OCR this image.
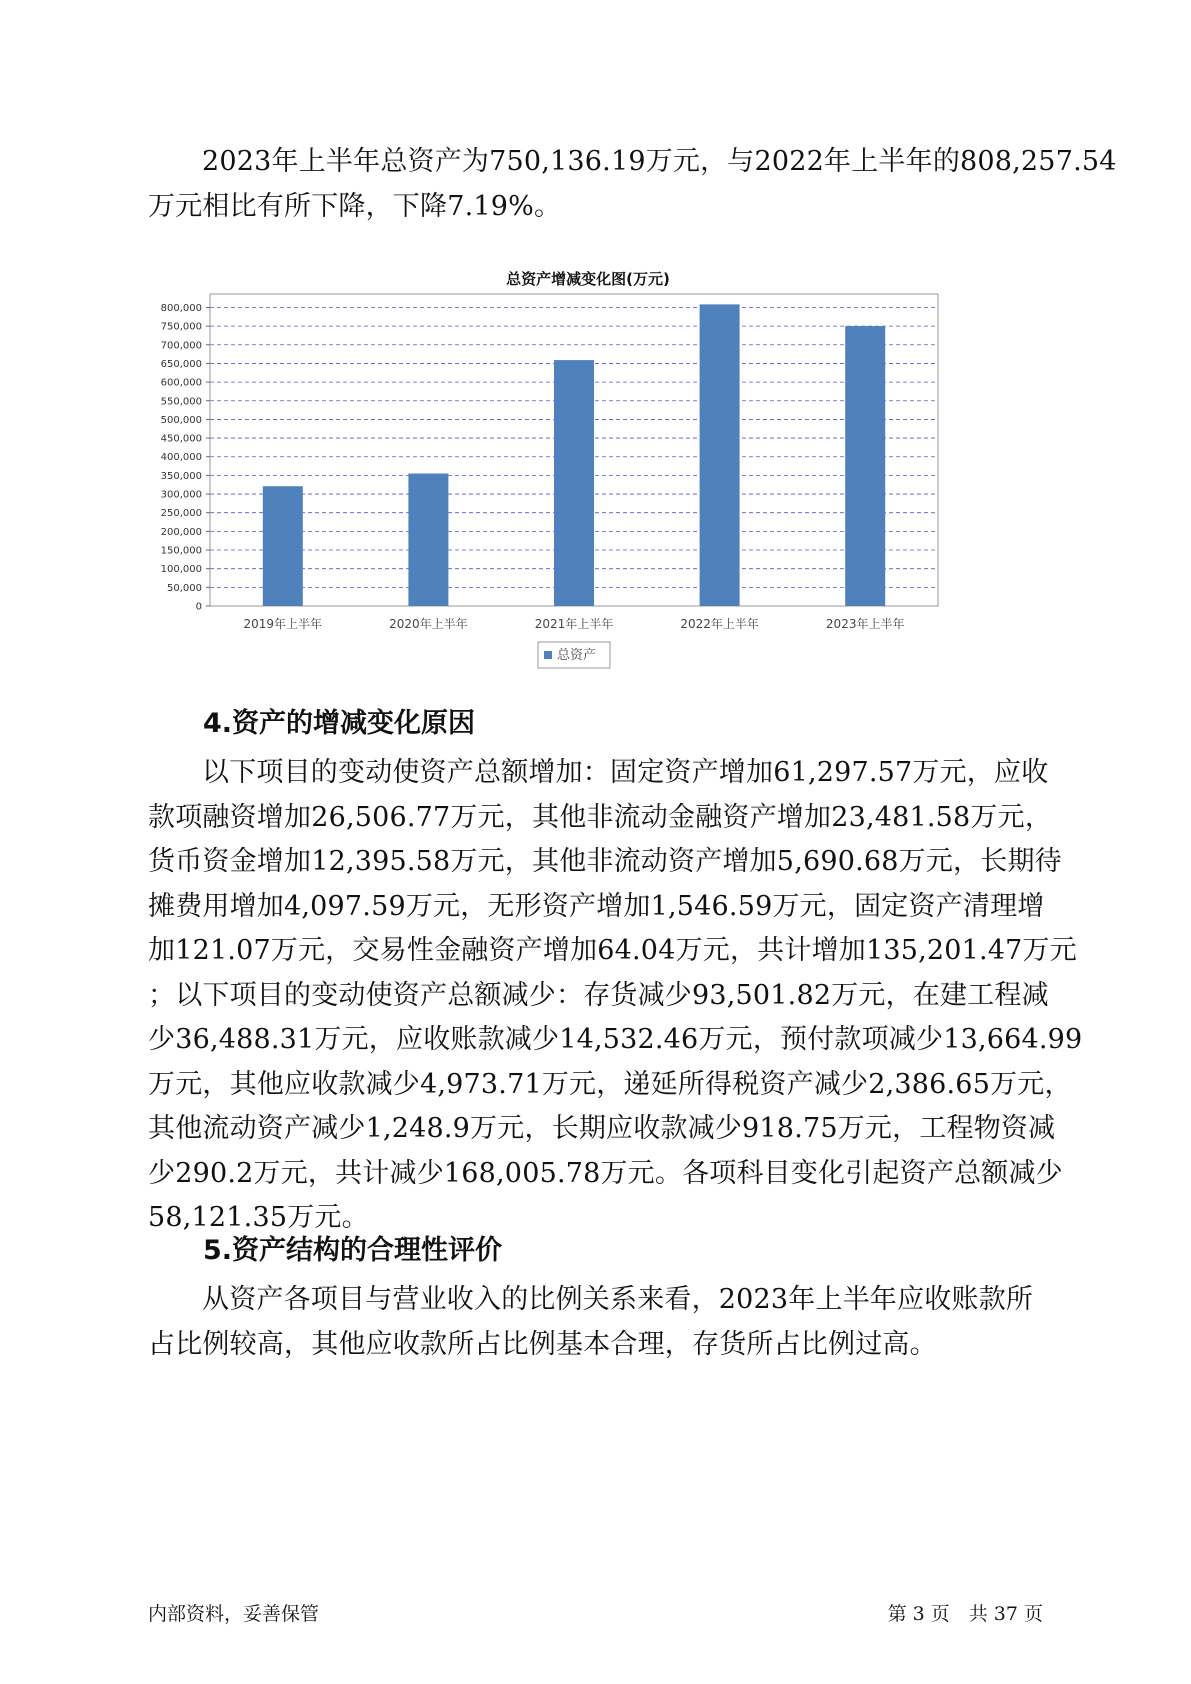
2023年上半年总资产为750,136.19万元，与2022年上半年的808,257.54
万元相比有所下降，下降7.19%。

总资产增减变化图(万元)

0
50,000
100,000
150,000
200,000
250,000
300,000
350,000
400,000
450,000
500,000
550,000
600,000
650,000
700,000
750,000
800,000
2019年上半年	2020年上半年	2021年上半年	2022年上半年	2023年上半年
总资产

4.资产的增减变化原因

以下项目的变动使资产总额增加：固定资产增加61,297.57万元，应收
款项融资增加26,506.77万元，其他非流动金融资产增加23,481.58万元，
货币资金增加12,395.58万元，其他非流动资产增加5,690.68万元，长期待
摊费用增加4,097.59万元，无形资产增加1,546.59万元，固定资产清理增
加121.07万元，交易性金融资产增加64.04万元，共计增加135,201.47万元
；以下项目的变动使资产总额减少：存货减少93,501.82万元，在建工程减
少36,488.31万元，应收账款减少14,532.46万元，预付款项减少13,664.99
万元，其他应收款减少4,973.71万元，递延所得税资产减少2,386.65万元，
其他流动资产减少1,248.9万元，长期应收款减少918.75万元，工程物资减
少290.2万元，共计减少168,005.78万元。各项科目变化引起资产总额减少
58,121.35万元。

5.资产结构的合理性评价

从资产各项目与营业收入的比例关系来看，2023年上半年应收账款所
占比例较高，其他应收款所占比例基本合理，存货所占比例过高。

内部资料，妥善保管	第 3 页　共 37 页
